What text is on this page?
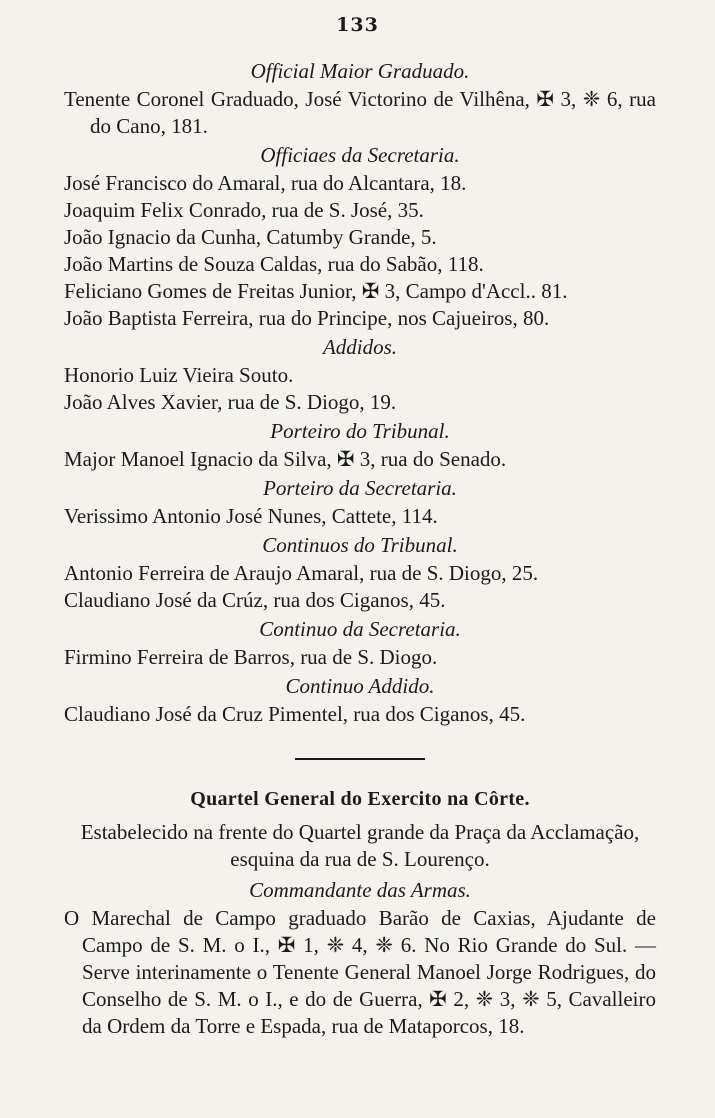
133
Official Maior Graduado.
Tenente Coronel Graduado, José Victorino de Vilhêna, ✠ 3, ❈ 6, rua do Cano, 181.
Officiaes da Secretaria.
José Francisco do Amaral, rua do Alcantara, 18.
Joaquim Felix Conrado, rua de S. José, 35.
João Ignacio da Cunha, Catumby Grande, 5.
João Martins de Souza Caldas, rua do Sabão, 118.
Feliciano Gomes de Freitas Junior, ✠ 3, Campo d'Accl.. 81.
João Baptista Ferreira, rua do Principe, nos Cajueiros, 80.
Addidos.
Honorio Luiz Vieira Souto.
João Alves Xavier, rua de S. Diogo, 19.
Porteiro do Tribunal.
Major Manoel Ignacio da Silva, ✠ 3, rua do Senado.
Porteiro da Secretaria.
Verissimo Antonio José Nunes, Cattete, 114.
Continuos do Tribunal.
Antonio Ferreira de Araujo Amaral, rua de S. Diogo, 25.
Claudiano José da Crúz, rua dos Ciganos, 45.
Continuo da Secretaria.
Firmino Ferreira de Barros, rua de S. Diogo.
Continuo Addido.
Claudiano José da Cruz Pimentel, rua dos Ciganos, 45.
Quartel General do Exercito na Côrte.
Estabelecido na frente do Quartel grande da Praça da Acclamação, esquina da rua de S. Lourenço.
Commandante das Armas.
O Marechal de Campo graduado Barão de Caxias, Ajudante de Campo de S. M. o I., ✠ 1, ❈ 4, ❈ 6. No Rio Grande do Sul. — Serve interinamente o Tenente General Manoel Jorge Rodrigues, do Conselho de S. M. o I., e do de Guerra, ✠ 2, ❈ 3, ❈ 5, Cavalleiro da Ordem da Torre e Espada, rua de Mataporcos, 18.
